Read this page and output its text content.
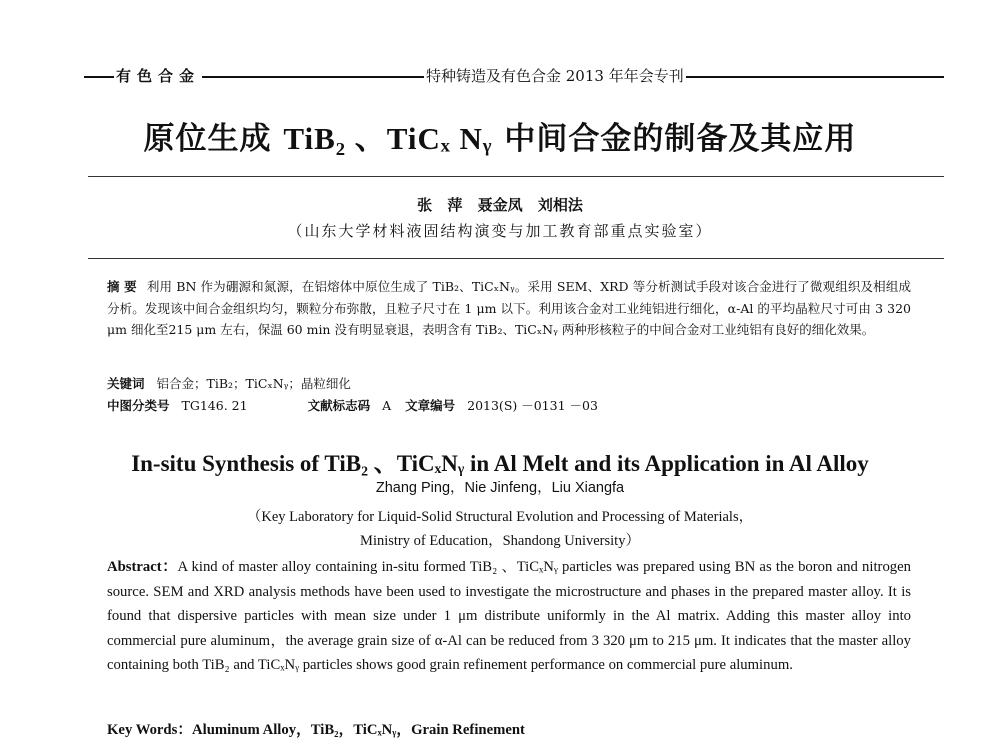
有色合金	特种铸造及有色合金 2013 年年会专刊
原位生成 TiB₂ 、TiCₓ Nᵧ 中间合金的制备及其应用
张 萍 聂金凤 刘相法
（山东大学材料液固结构演变与加工教育部重点实验室）
摘 要 利用 BN 作为硼源和氮源，在铝熔体中原位生成了 TiB₂、TiCₓNᵧ。采用 SEM、XRD 等分析测试手段对该合金进行了微观组织及相组成分析。发现该中间合金组织均匀，颗粒分布弥散，且粒子尺寸在 1 μm 以下。利用该合金对工业纯铝进行细化，α-Al 的平均晶粒尺寸可由 3 320 μm 细化至215 μm 左右，保温 60 min 没有明显衰退，表明含有 TiB₂、TiCₓNᵧ 两种形核粒子的中间合金对工业纯铝有良好的细化效果。
关键词 铝合金；TiB₂；TiCₓNᵧ；晶粒细化
中图分类号 TG146. 21	文献标志码 A 文章编号 2013(S) －0131 －03
In-situ Synthesis of TiB₂ 、TiCₓNᵧ in Al Melt and its Application in Al Alloy
Zhang Ping，Nie Jinfeng，Liu Xiangfa
（Key Laboratory for Liquid-Solid Structural Evolution and Processing of Materials，
Ministry of Education，Shandong University）
Abstract：A kind of master alloy containing in-situ formed TiB₂ 、TiCₓNᵧ particles was prepared using BN as the boron and nitrogen source. SEM and XRD analysis methods have been used to investigate the microstructure and phases in the prepared master alloy. It is found that dispersive particles with mean size under 1 μm distribute uniformly in the Al matrix. Adding this master alloy into commercial pure aluminum，the average grain size of α-Al can be reduced from 3 320 μm to 215 μm. It indicates that the master alloy containing both TiB₂ and TiCₓNᵧ particles shows good grain refinement performance on commercial pure aluminum.
Key Words：Aluminum Alloy，TiB₂，TiCₓNᵧ，Grain Refinement
